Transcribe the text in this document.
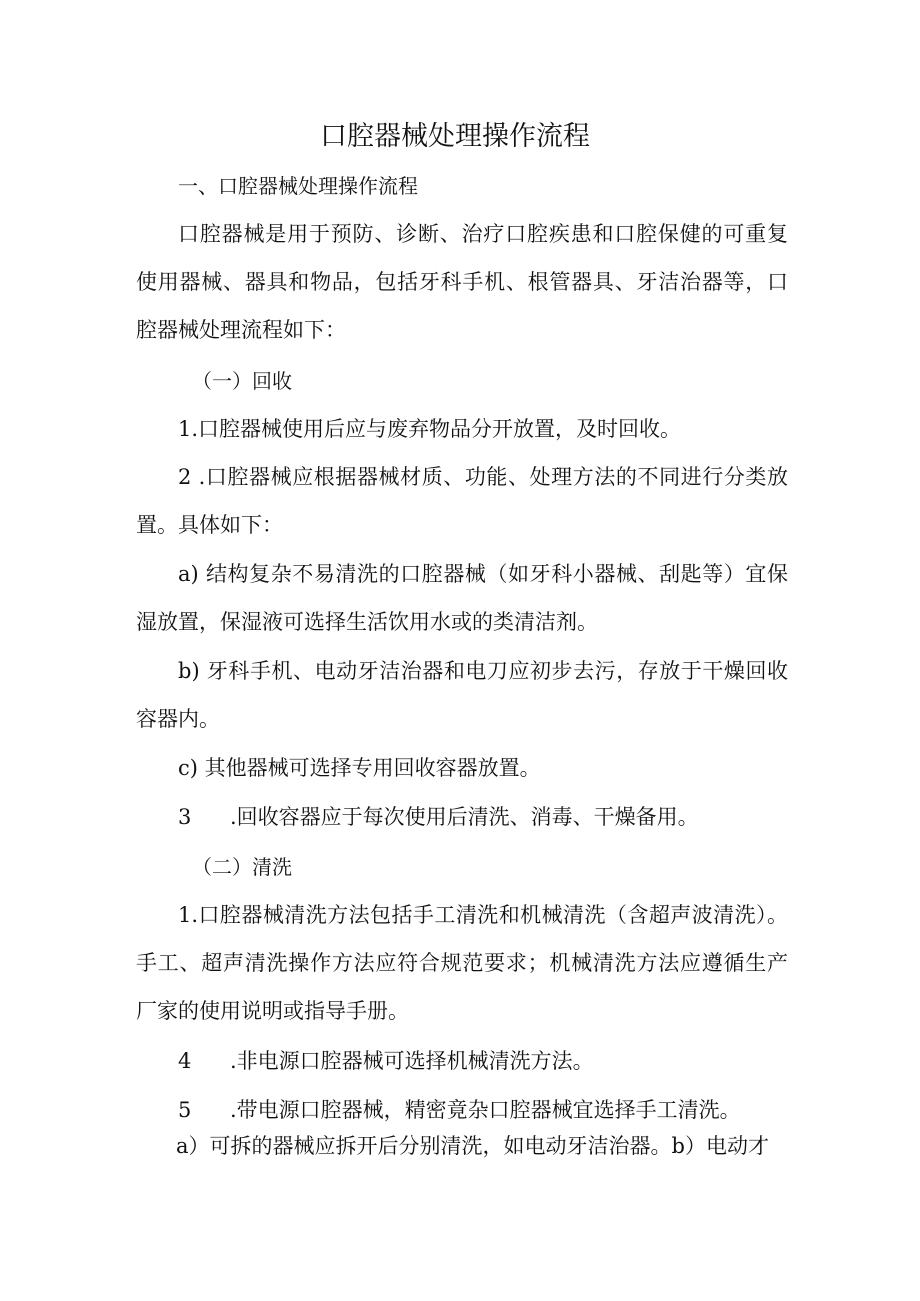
口腔器械处理操作流程
一、口腔器械处理操作流程
口腔器械是用于预防、诊断、治疗口腔疾患和口腔保健的可重复
使用器械、器具和物品，包括牙科手机、根管器具、牙洁治器等，口
腔器械处理流程如下：
（一）回收
1.口腔器械使用后应与废弃物品分开放置，及时回收。
2 .口腔器械应根据器械材质、功能、处理方法的不同进行分类放
置。具体如下：
a) 结构复杂不易清洗的口腔器械（如牙科小器械、刮匙等）宜保
湿放置，保湿液可选择生活饮用水或的类清洁剂。
b) 牙科手机、电动牙洁治器和电刀应初步去污，存放于干燥回收
容器内。
c) 其他器械可选择专用回收容器放置。
3 .回收容器应于每次使用后清洗、消毒、干燥备用。
（二）清洗
1.口腔器械清洗方法包括手工清洗和机械清洗（含超声波清洗）。
手工、超声清洗操作方法应符合规范要求；机械清洗方法应遵循生产
厂家的使用说明或指导手册。
4 .非电源口腔器械可选择机械清洗方法。
5 .带电源口腔器械，精密竟杂口腔器械宜选择手工清洗。
a）可拆的器械应拆开后分别清洗，如电动牙洁治器。b）电动才
